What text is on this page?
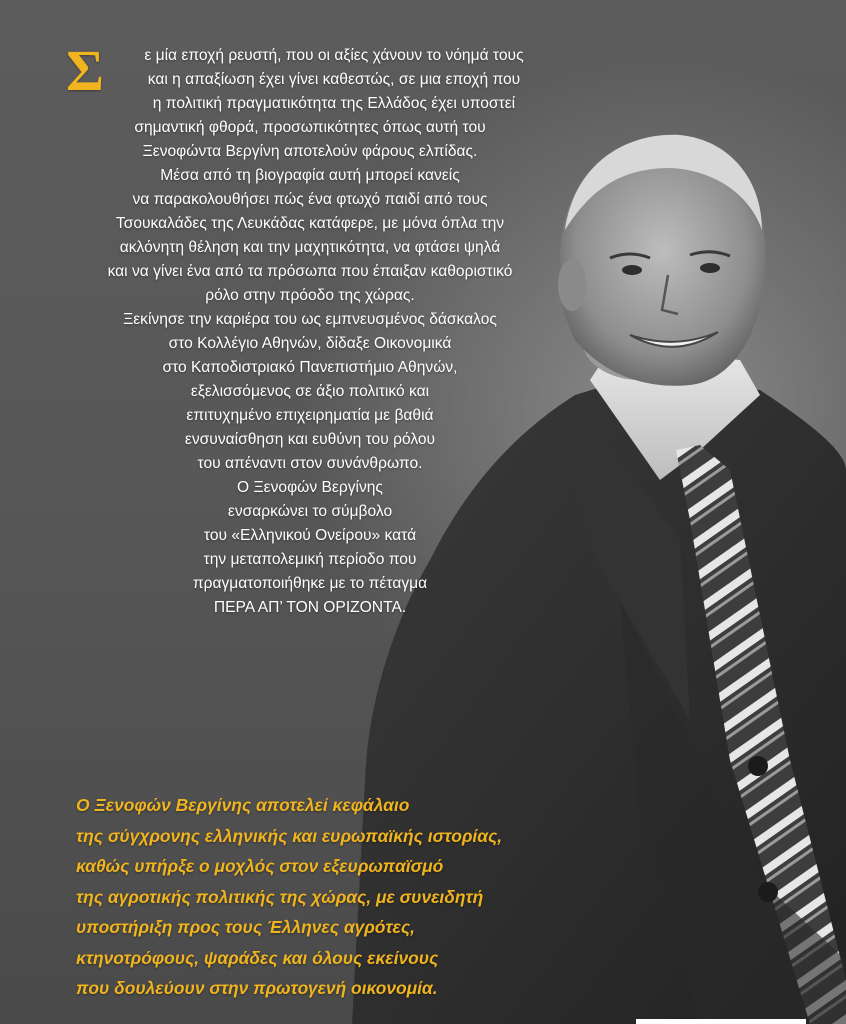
Σ	ε μία εποχή ρευστή, που οι αξίες χάνουν το νόημά τους
και η απαξίωση έχει γίνει καθεστώς, σε μια εποχή που
η πολιτική πραγματικότητα της Ελλάδος έχει υποστεί
σημαντική φθορά, προσωπικότητες όπως αυτή του
Ξενοφώντα Βεργίνη αποτελούν φάρους ελπίδας.

Μέσα από τη βιογραφία αυτή μπορεί κανείς
να παρακολουθήσει πώς ένα φτωχό παιδί από τους
Τσουκαλάδες της Λευκάδας κατάφερε, με μόνα όπλα την
ακλόνητη θέληση και την μαχητικότητα, να φτάσει ψηλά
και να γίνει ένα από τα πρόσωπα που έπαιξαν καθοριστικό
ρόλο στην πρόοδο της χώρας.

Ξεκίνησε την καριέρα του ως εμπνευσμένος δάσκαλος
στο Κολλέγιο Αθηνών, δίδαξε Οικονομικά
στο Καποδιστριακό Πανεπιστήμιο Αθηνών,
εξελισσόμενος σε άξιο πολιτικό και
επιτυχημένο επιχειρηματία με βαθιά
ενσυναίσθηση και ευθύνη του ρόλου
του απέναντι στον συνάνθρωπο.

Ο Ξενοφών Βεργίνης
ενσαρκώνει το σύμβολο
του «Ελληνικού Ονείρου» κατά
την μεταπολεμική περίοδο που
πραγματοποιήθηκε με το πέταγμα
ΠΕΡΑ ΑΠ’ ΤΟΝ ΟΡΙΖΟΝΤΑ.

Ο Ξενοφών Βεργίνης αποτελεί κεφάλαιο
της σύγχρονης ελληνικής και ευρωπαϊκής ιστορίας,
καθώς υπήρξε ο μοχλός στον εξευρωπαϊσμό
της αγροτικής πολιτικής της χώρας, με συνειδητή
υποστήριξη προς τους Έλληνες αγρότες,
κτηνοτρόφους, ψαράδες και όλους εκείνους
που δουλεύουν στην πρωτογενή οικονομία.
